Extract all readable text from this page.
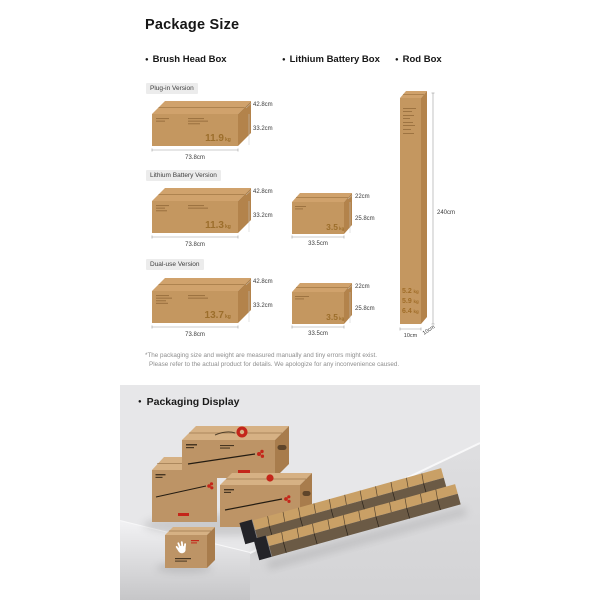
Package Size
● Brush Head Box	● Lithium Battery Box	● Rod Box
Plug-in Version
Lithium Battery Version
Dual-use Version
11.9 kg
42.8cm
33.2cm
73.8cm
11.3 kg
42.8cm
33.2cm
73.8cm
13.7 kg
42.8cm
33.2cm
73.8cm
3.5 kg
22cm
25.8cm
33.5cm
3.5 kg
22cm
25.8cm
33.5cm
5.2 kg
5.9 kg
6.4 kg
240cm
10cm 10cm
*The packaging size and weight are measured manually and tiny errors might exist.
Please refer to the actual product for details. We apologize for any inconvenience caused.
● Packaging Display
